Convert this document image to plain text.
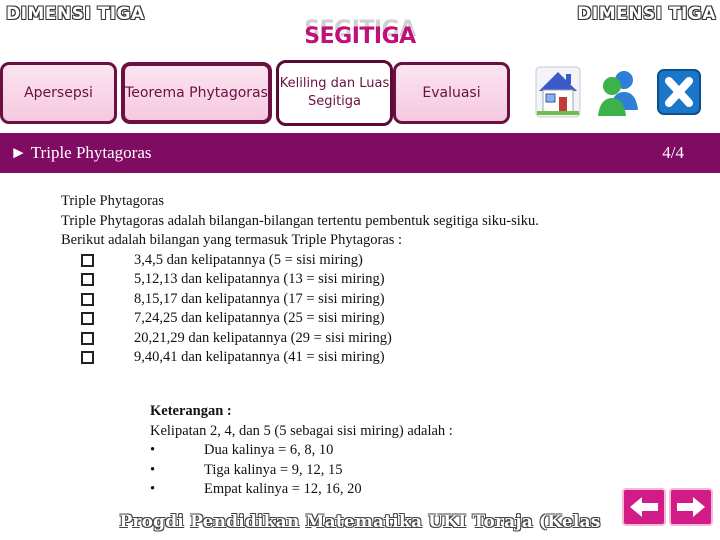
DIMENSI TIGA	DIMENSI TIGA
SEGITIGA
Apersepsi	Teorema Phytagoras
Keliling dan Luas Segitiga
Evaluasi
► Triple Phytagoras	4/4
Triple Phytagoras
Triple Phytagoras adalah bilangan-bilangan tertentu pembentuk segitiga siku-siku. Berikut adalah bilangan yang termasuk Triple Phytagoras :
3,4,5 dan kelipatannya (5 = sisi miring)
5,12,13 dan kelipatannya (13 = sisi miring)
8,15,17 dan kelipatannya (17 = sisi miring)
7,24,25 dan kelipatannya (25 = sisi miring)
20,21,29 dan kelipatannya (29 = sisi miring)
9,40,41 dan kelipatannya (41 = sisi miring)
Keterangan :
Kelipatan 2, 4, dan 5 (5 sebagai sisi miring) adalah :
•	Dua kalinya = 6, 8, 10
•	Tiga kalinya = 9, 12, 15
•	Empat kalinya = 12, 16, 20
Progdi Pendidikan Matematika UKI Toraja (Kelas
